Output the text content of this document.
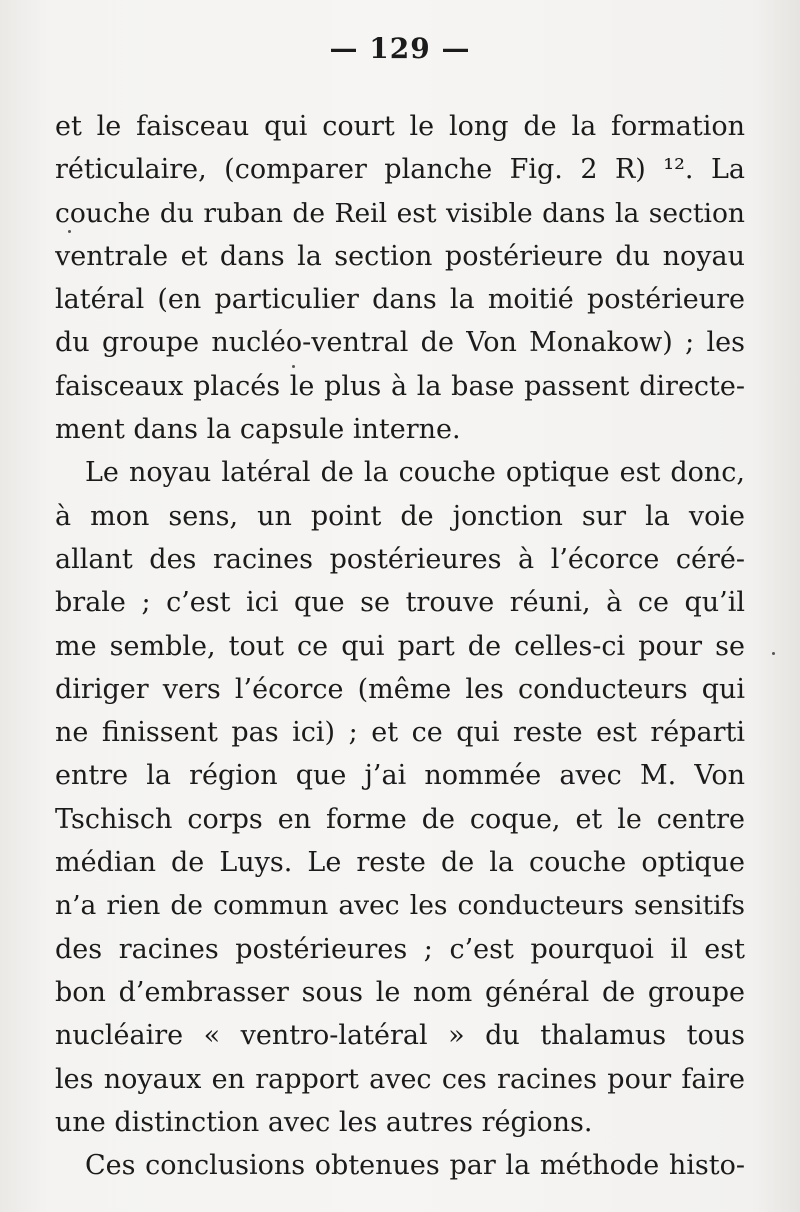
— 129 —
et le faisceau qui court le long de la formation
réticulaire, (comparer planche Fig. 2 R) ¹². La
couche du ruban de Reil est visible dans la section
ventrale et dans la section postérieure du noyau
latéral (en particulier dans la moitié postérieure
du groupe nucléo-ventral de Von Monakow) ; les
faisceaux placés le plus à la base passent directe-
ment dans la capsule interne.
Le noyau latéral de la couche optique est donc,
à mon sens, un point de jonction sur la voie
allant des racines postérieures à l’écorce céré-
brale ; c’est ici que se trouve réuni, à ce qu’il
me semble, tout ce qui part de celles-ci pour se
diriger vers l’écorce (même les conducteurs qui
ne finissent pas ici) ; et ce qui reste est réparti
entre la région que j’ai nommée avec M. Von
Tschisch corps en forme de coque, et le centre
médian de Luys. Le reste de la couche optique
n’a rien de commun avec les conducteurs sensitifs
des racines postérieures ; c’est pourquoi il est
bon d’embrasser sous le nom général de groupe
nucléaire « ventro-latéral » du thalamus tous
les noyaux en rapport avec ces racines pour faire
une distinction avec les autres régions.
Ces conclusions obtenues par la méthode histo-
